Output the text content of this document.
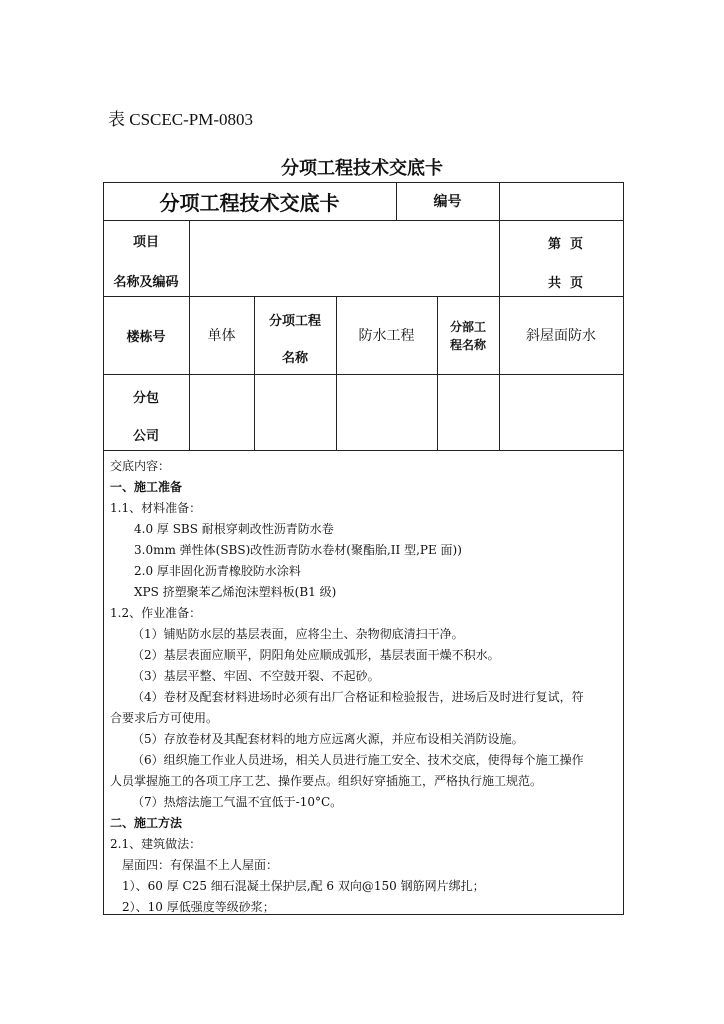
表 CSCEC-PM-0803
分项工程技术交底卡
分项工程技术交底卡	编号
项目
名称及编码
第  页
共  页
楼栋号	单体
分项工程
名称
防水工程
分部工程名称
斜屋面防水
分包
公司

交底内容：

一、施工准备

1.1、材料准备：

4.0 厚 SBS 耐根穿刺改性沥青防水卷

3.0mm 弹性体(SBS)改性沥青防水卷材(聚酯胎,II 型,PE 面))

2.0 厚非固化沥青橡胶防水涂料

XPS 挤塑聚苯乙烯泡沫塑料板(B1 级)

1.2、作业准备：

（1）铺贴防水层的基层表面，应将尘土、杂物彻底清扫干净。

（2）基层表面应顺平，阴阳角处应顺成弧形，基层表面干燥不积水。

（3）基层平整、牢固、不空鼓开裂、不起砂。

（4）卷材及配套材料进场时必须有出厂合格证和检验报告，进场后及时进行复试，符

合要求后方可使用。

（5）存放卷材及其配套材料的地方应远离火源，并应布设相关消防设施。

（6）组织施工作业人员进场，相关人员进行施工安全、技术交底，使得每个施工操作

人员掌握施工的各项工序工艺、操作要点。组织好穿插施工，严格执行施工规范。

（7）热熔法施工气温不宜低于-10°C。

二、施工方法

2.1、建筑做法：

屋面四：有保温不上人屋面：

1）、60 厚 C25 细石混凝土保护层,配 6 双向@150 钢筋网片绑扎；

2）、10 厚低强度等级砂浆；
